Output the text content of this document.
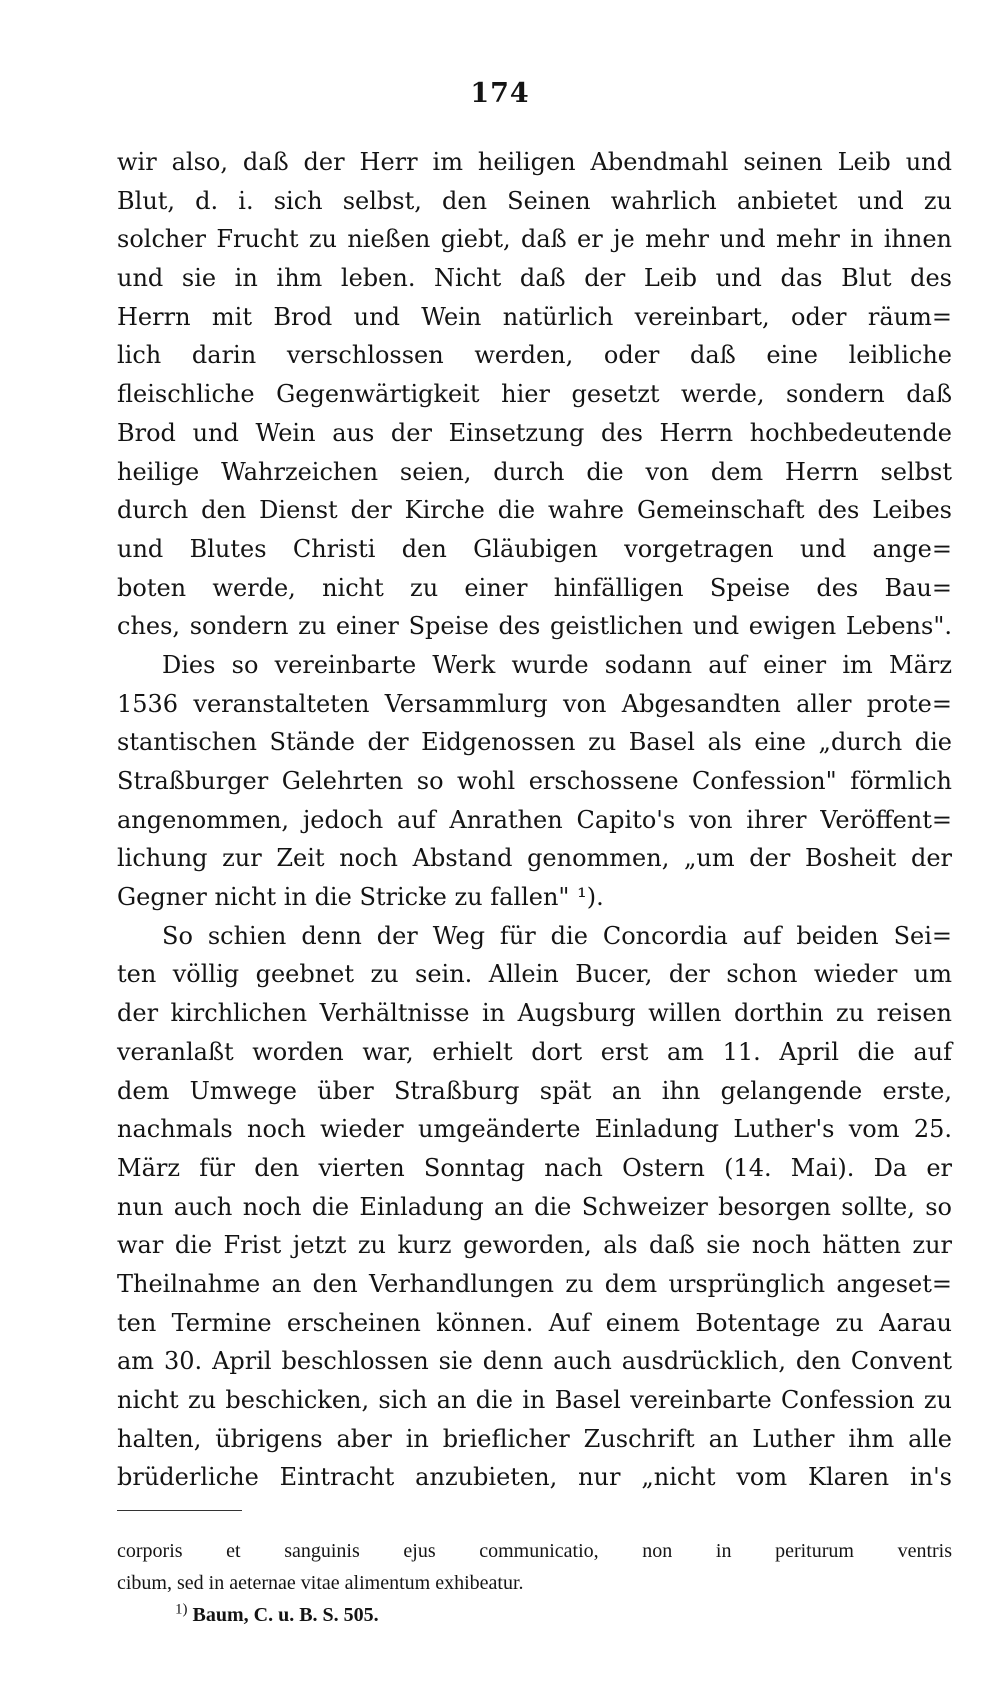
174
wir also, daß der Herr im heiligen Abendmahl seinen Leib und
Blut, d. i. sich selbst, den Seinen wahrlich anbietet und zu
solcher Frucht zu nießen giebt, daß er je mehr und mehr in ihnen
und sie in ihm leben. Nicht daß der Leib und das Blut des
Herrn mit Brod und Wein natürlich vereinbart, oder räum=
lich darin verschlossen werden, oder daß eine leibliche
fleischliche Gegenwärtigkeit hier gesetzt werde, sondern daß
Brod und Wein aus der Einsetzung des Herrn hochbedeutende
heilige Wahrzeichen seien, durch die von dem Herrn selbst
durch den Dienst der Kirche die wahre Gemeinschaft des Leibes
und Blutes Christi den Gläubigen vorgetragen und ange=
boten werde, nicht zu einer hinfälligen Speise des Bau=
ches, sondern zu einer Speise des geistlichen und ewigen Lebens".
Dies so vereinbarte Werk wurde sodann auf einer im März
1536 veranstalteten Versammlurg von Abgesandten aller prote=
stantischen Stände der Eidgenossen zu Basel als eine „durch die
Straßburger Gelehrten so wohl erschossene Confession" förmlich
angenommen, jedoch auf Anrathen Capito's von ihrer Veröffent=
lichung zur Zeit noch Abstand genommen, „um der Bosheit der
Gegner nicht in die Stricke zu fallen" ¹).
So schien denn der Weg für die Concordia auf beiden Sei=
ten völlig geebnet zu sein. Allein Bucer, der schon wieder um
der kirchlichen Verhältnisse in Augsburg willen dorthin zu reisen
veranlaßt worden war, erhielt dort erst am 11. April die auf
dem Umwege über Straßburg spät an ihn gelangende erste,
nachmals noch wieder umgeänderte Einladung Luther's vom 25.
März für den vierten Sonntag nach Ostern (14. Mai). Da er
nun auch noch die Einladung an die Schweizer besorgen sollte, so
war die Frist jetzt zu kurz geworden, als daß sie noch hätten zur
Theilnahme an den Verhandlungen zu dem ursprünglich angeset=
ten Termine erscheinen können. Auf einem Botentage zu Aarau
am 30. April beschlossen sie denn auch ausdrücklich, den Convent
nicht zu beschicken, sich an die in Basel vereinbarte Confession zu
halten, übrigens aber in brieflicher Zuschrift an Luther ihm alle
brüderliche Eintracht anzubieten, nur „nicht vom Klaren in's
corporis et sanguinis ejus communicatio, non in periturum ventris
cibum, sed in aeternae vitae alimentum exhibeatur.
$^{1)}$ Baum, C. u. B. S. 505.
